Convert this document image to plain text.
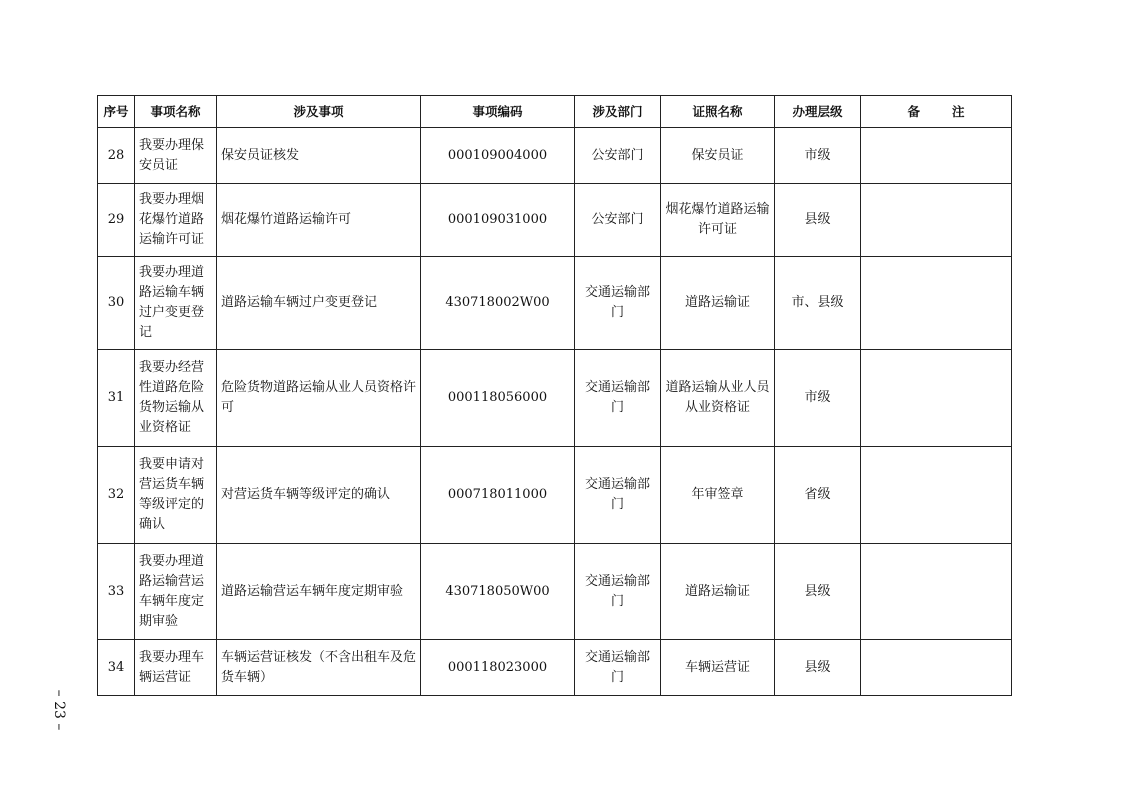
序号	事项名称	涉及事项	事项编码	涉及部门	证照名称	办理层级	备注
28	我要办理保安员证	保安员证核发	000109004000	公安部门	保安员证	市级	
29	我要办理烟花爆竹道路运输许可证	烟花爆竹道路运输许可	000109031000	公安部门	烟花爆竹道路运输许可证	县级	
30	我要办理道路运输车辆过户变更登记	道路运输车辆过户变更登记	430718002W00	交通运输部门	道路运输证	市、县级	
31	我要办经营性道路危险货物运输从业资格证	危险货物道路运输从业人员资格许可	000118056000	交通运输部门	道路运输从业人员从业资格证	市级	
32	我要申请对营运货车辆等级评定的确认	对营运货车辆等级评定的确认	000718011000	交通运输部门	年审签章	省级	
33	我要办理道路运输营运车辆年度定期审验	道路运输营运车辆年度定期审验	430718050W00	交通运输部门	道路运输证	县级	
34	我要办理车辆运营证	车辆运营证核发（不含出租车及危货车辆）	000118023000	交通运输部门	车辆运营证	县级	
– 23 –
